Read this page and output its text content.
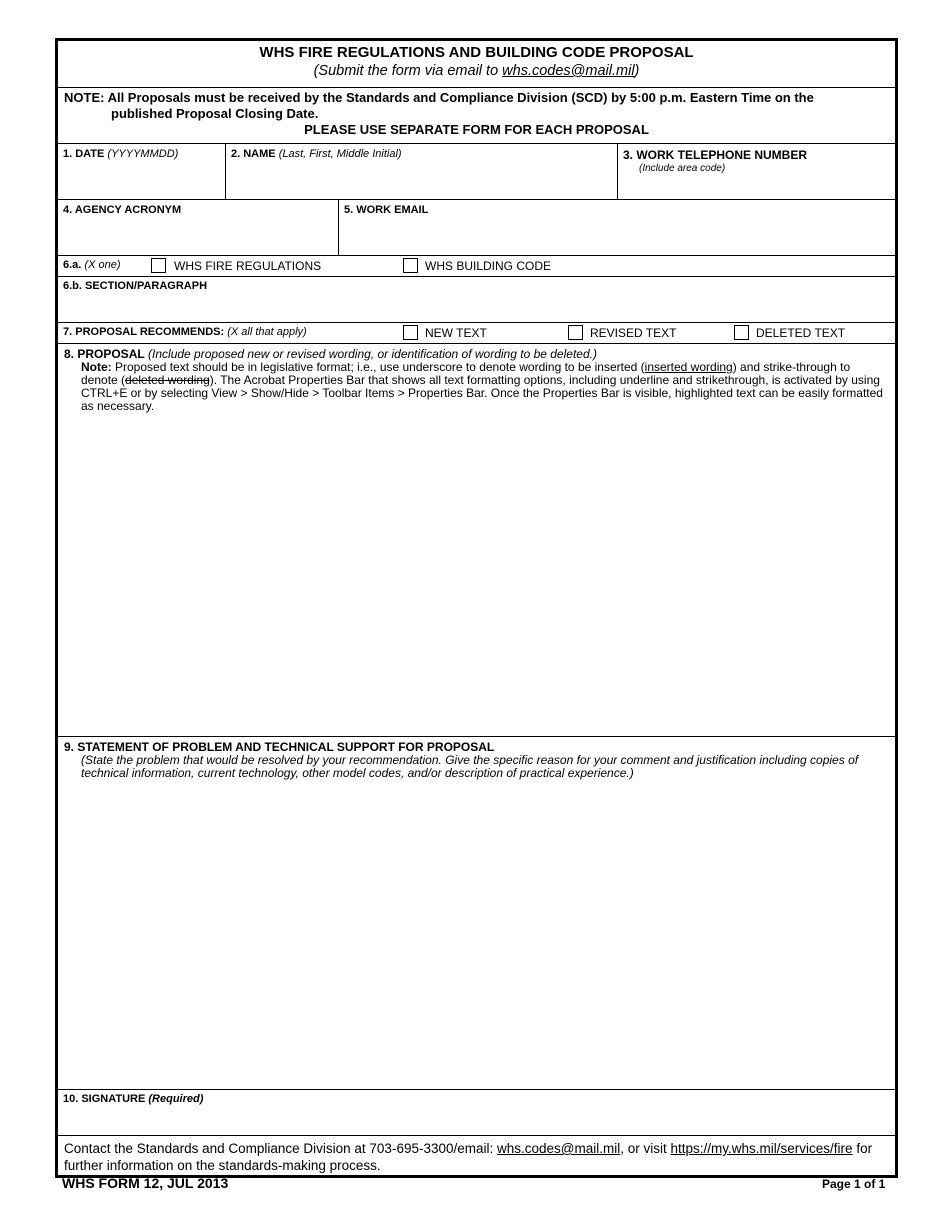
WHS FIRE REGULATIONS AND BUILDING CODE PROPOSAL
(Submit the form via email to whs.codes@mail.mil)
NOTE: All Proposals must be received by the Standards and Compliance Division (SCD) by 5:00 p.m. Eastern Time on the
published Proposal Closing Date.
PLEASE USE SEPARATE FORM FOR EACH PROPOSAL
1. DATE (YYYYMMDD)	2. NAME (Last, First, Middle Initial)	3. WORK TELEPHONE NUMBER
(Include area code)
4. AGENCY ACRONYM	5. WORK EMAIL
6.a. (X one)	WHS FIRE REGULATIONS	WHS BUILDING CODE
6.b. SECTION/PARAGRAPH
7. PROPOSAL RECOMMENDS: (X all that apply)	NEW TEXT	REVISED TEXT	DELETED TEXT
8. PROPOSAL (Include proposed new or revised wording, or identification of wording to be deleted.)
Note: Proposed text should be in legislative format; i.e., use underscore to denote wording to be inserted (inserted wording) and strike-through to denote (deleted wording). The Acrobat Properties Bar that shows all text formatting options, including underline and strikethrough, is activated by using CTRL+E or by selecting View > Show/Hide > Toolbar Items > Properties Bar. Once the Properties Bar is visible, highlighted text can be easily formatted as necessary.
9. STATEMENT OF PROBLEM AND TECHNICAL SUPPORT FOR PROPOSAL
(State the problem that would be resolved by your recommendation. Give the specific reason for your comment and justification including copies of technical information, current technology, other model codes, and/or description of practical experience.)
10. SIGNATURE (Required)
Contact the Standards and Compliance Division at 703-695-3300/email: whs.codes@mail.mil, or visit https://my.whs.mil/services/fire for further information on the standards-making process.
WHS FORM 12, JUL 2013	Page 1 of 1
